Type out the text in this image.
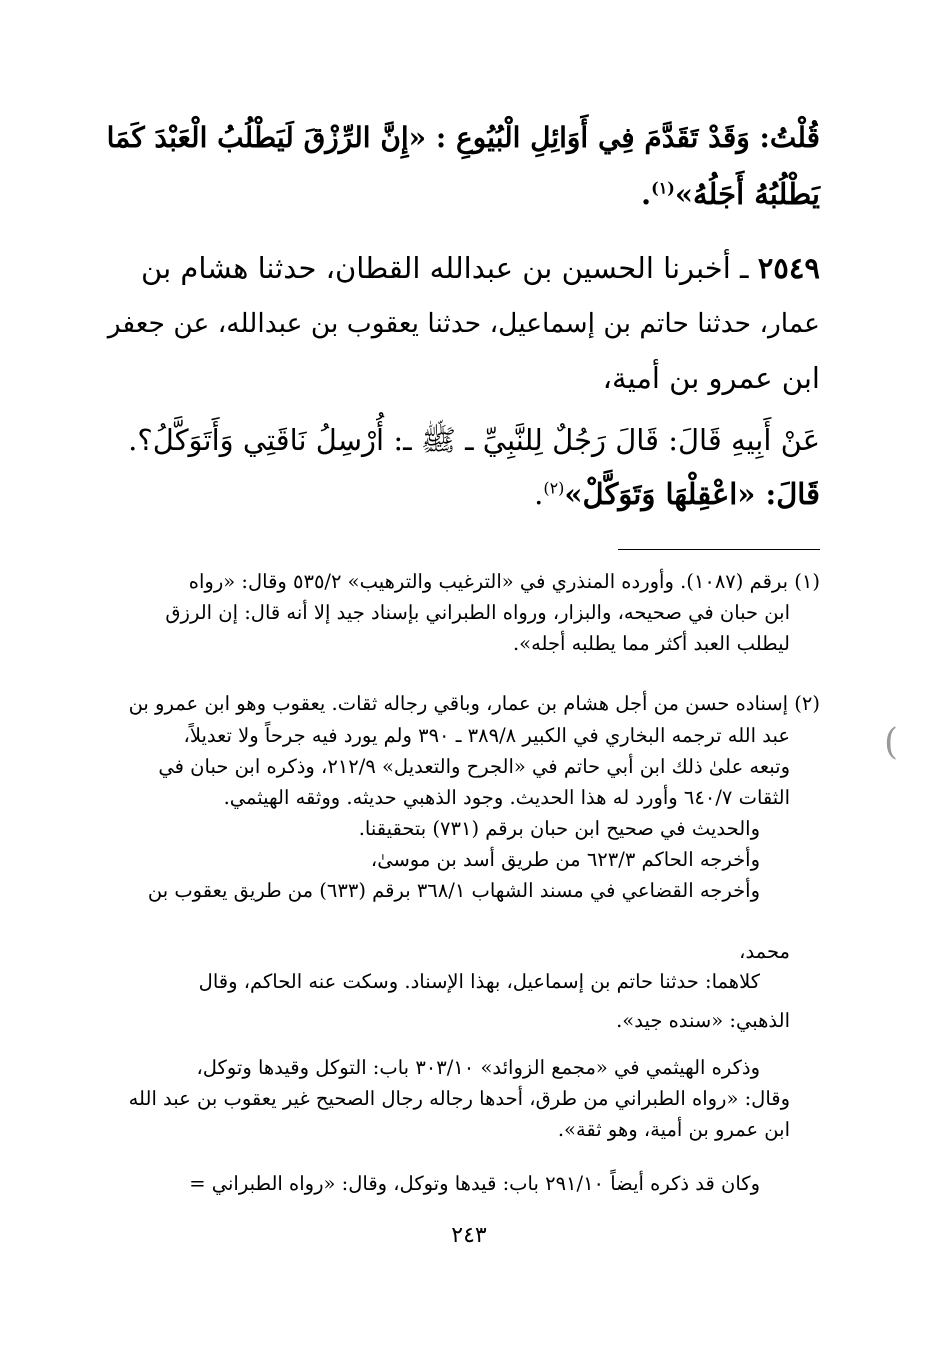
قُلْتُ: وَقَدْ تَقَدَّمَ فِي أَوَائِلِ الْبُيُوعِ : «إِنَّ الرِّزْقَ لَيَطْلُبُ الْعَبْدَ كَمَا
يَطْلُبُهُ أَجَلُهُ»$^{(١)}$.
٢٥٤٩ ـ أخبرنا الحسين بن عبدالله القطان، حدثنا هشام بن
عمار، حدثنا حاتم بن إسماعيل، حدثنا يعقوب بن عبدالله، عن جعفر
ابن عمرو بن أمية،
عَنْ أَبِيهِ قَالَ: قَالَ رَجُلٌ لِلنَّبِيِّ ـ ﷺ ـ: أُرْسِلُ نَاقَتِي وَأَتَوَكَّلُ؟.
قَالَ: «اعْقِلْهَا وَتَوَكَّلْ»$^{(٢)}$.
(١) برقم (١٠٨٧). وأورده المنذري في «الترغيب والترهيب» ٥٣٥/٢ وقال: «رواه
ابن حبان في صحيحه، والبزار، ورواه الطبراني بإسناد جيد إلا أنه قال: إن الرزق
ليطلب العبد أكثر مما يطلبه أجله».
(٢) إسناده حسن من أجل هشام بن عمار، وباقي رجاله ثقات. يعقوب وهو ابن عمرو بن
عبد الله ترجمه البخاري في الكبير ٣٨٩/٨ ـ ٣٩٠ ولم يورد فيه جرحاً ولا تعديلاً،
وتبعه علىٰ ذلك ابن أبي حاتم في «الجرح والتعديل» ٢١٢/٩، وذكره ابن حبان في
الثقات ٦٤٠/٧ وأورد له هذا الحديث. وجود الذهبي حديثه. ووثقه الهيثمي.
والحديث في صحيح ابن حبان برقم (٧٣١) بتحقيقنا.
وأخرجه الحاكم ٦٢٣/٣ من طريق أسد بن موسىٰ،
وأخرجه القضاعي في مسند الشهاب ٣٦٨/١ برقم (٦٣٣) من طريق يعقوب بن
محمد،
كلاهما: حدثنا حاتم بن إسماعيل، بهذا الإسناد. وسكت عنه الحاكم، وقال
الذهبي: «سنده جيد».
وذكره الهيثمي في «مجمع الزوائد» ٣٠٣/١٠ باب: التوكل وقيدها وتوكل،
وقال: «رواه الطبراني من طرق، أحدها رجاله رجال الصحيح غير يعقوب بن عبد الله
ابن عمرو بن أمية، وهو ثقة».
وكان قد ذكره أيضاً ٢٩١/١٠ باب: قيدها وتوكل، وقال: «رواه الطبراني =
٢٤٣
(
